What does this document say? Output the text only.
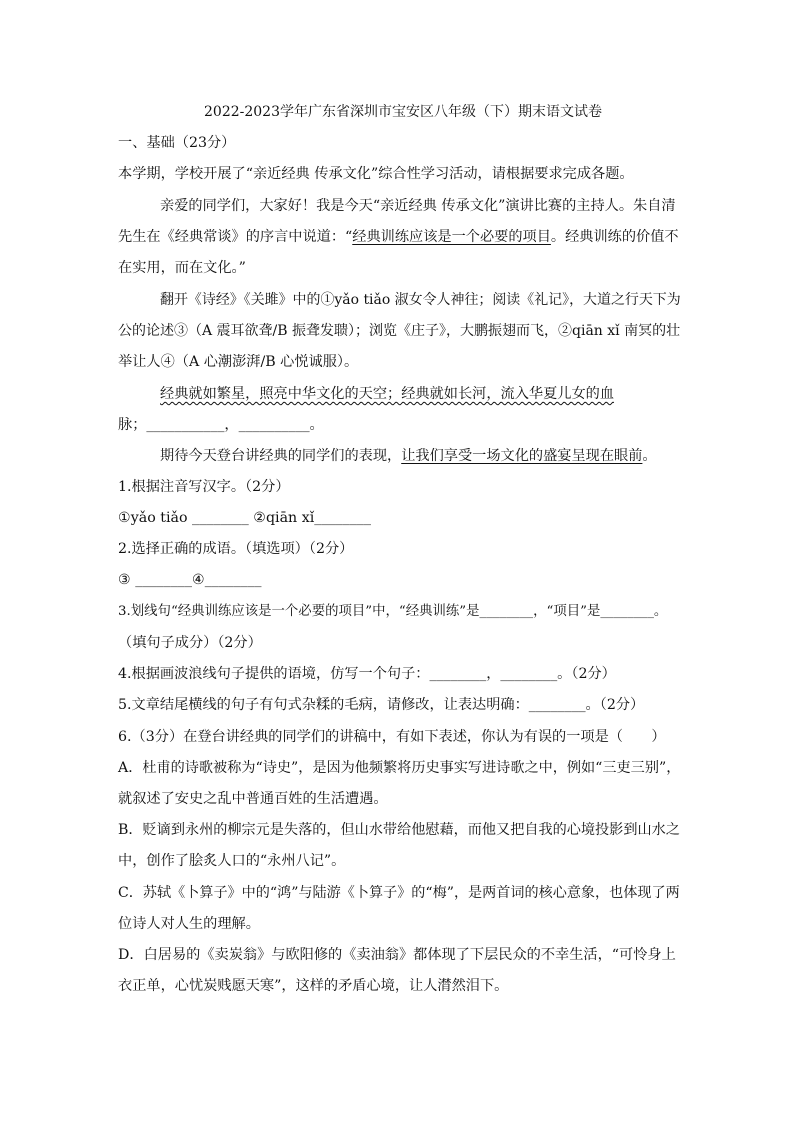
2022-2023学年广东省深圳市宝安区八年级（下）期末语文试卷
一、基础（23分）
本学期，学校开展了“亲近经典 传承文化”综合性学习活动，请根据要求完成各题。
亲爱的同学们，大家好！我是今天“亲近经典 传承文化”演讲比赛的主持人。朱自清
先生在《经典常谈》的序言中说道：“经典训练应该是一个必要的项目。经典训练的价值不
在实用，而在文化。”
翻开《诗经》《关雎》中的①yǎo tiǎo 淑女令人神往；阅读《礼记》，大道之行天下为
公的论述③（A 震耳欲聋/B 振聋发聩）；浏览《庄子》，大鹏振翅而飞，②qiān xǐ 南冥的壮
举让人④（A 心潮澎湃/B 心悦诚服）。
经典就如繁星，照亮中华文化的天空；经典就如长河，流入华夏儿女的血
脉；___________，__________。
期待今天登台讲经典的同学们的表现，让我们享受一场文化的盛宴呈现在眼前。
1.根据注音写汉字。（2分）
①yǎo tiǎo ________ ②qiān xǐ________
2.选择正确的成语。（填选项）（2分）
③ ________④________
3.划线句“经典训练应该是一个必要的项目”中，“经典训练”是________，“项目”是________。
（填句子成分）（2分）
4.根据画波浪线句子提供的语境，仿写一个句子：________，________。（2分）
5.文章结尾横线的句子有句式杂糅的毛病，请修改，让表达明确：________。（2分）
6.（3分）在登台讲经典的同学们的讲稿中，有如下表述，你认为有误的一项是（　　）
A．杜甫的诗歌被称为“诗史”，是因为他频繁将历史事实写进诗歌之中，例如“三吏三别”，
就叙述了安史之乱中普通百姓的生活遭遇。
B．贬谪到永州的柳宗元是失落的，但山水带给他慰藉，而他又把自我的心境投影到山水之
中，创作了脍炙人口的“永州八记”。
C．苏轼《卜算子》中的“鸿”与陆游《卜算子》的“梅”，是两首词的核心意象，也体现了两
位诗人对人生的理解。
D．白居易的《卖炭翁》与欧阳修的《卖油翁》都体现了下层民众的不幸生活，“可怜身上
衣正单，心忧炭贱愿天寒”，这样的矛盾心境，让人潸然泪下。
